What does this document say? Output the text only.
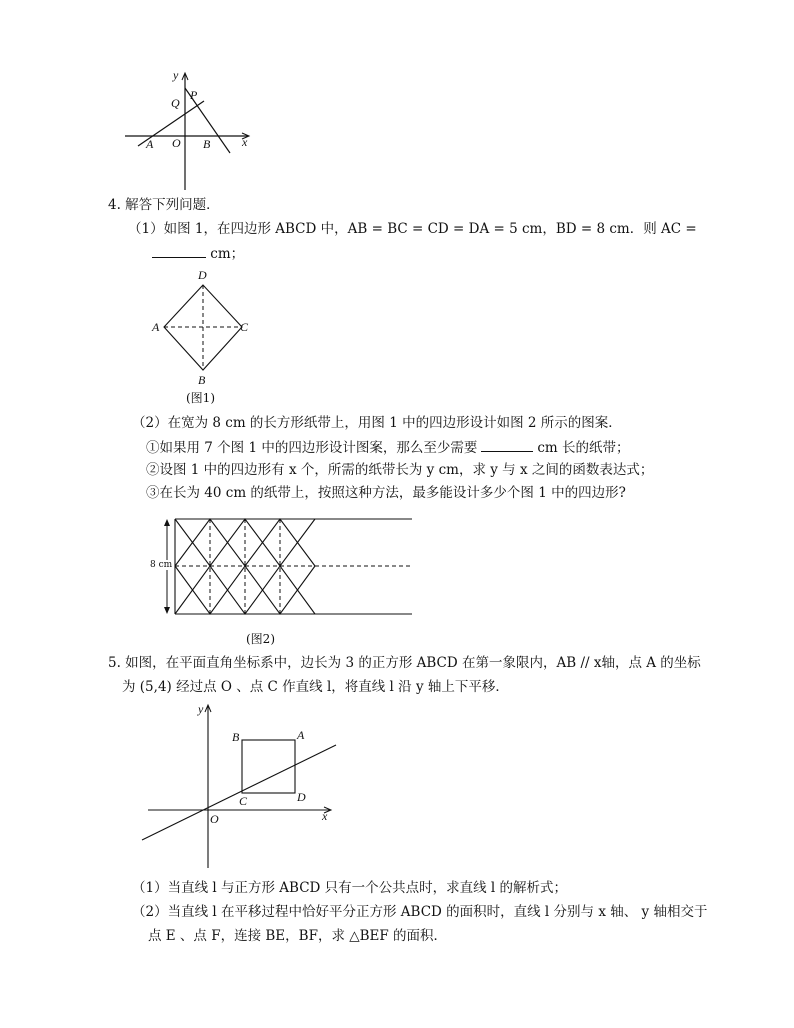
y
Q
P
A O B	x
4. 解答下列问题．
（1）如图 1，在四边形 ABCD 中，AB = BC = CD = DA = 5 cm，BD = 8 cm．则 AC =
cm；
D
A	C
B
(图1)
（2）在宽为 8 cm 的长方形纸带上，用图 1 中的四边形设计如图 2 所示的图案．
①如果用 7 个图 1 中的四边形设计图案，那么至少需要	cm 长的纸带；
②设图 1 中的四边形有 x 个，所需的纸带长为 y cm，求 y 与 x 之间的函数表达式；
③在长为 40 cm 的纸带上，按照这种方法，最多能设计多少个图 1 中的四边形?
8 cm
(图2)
5. 如图，在平面直角坐标系中，边长为 3 的正方形 ABCD 在第一象限内，AB // x轴，点 A 的坐标
为 (5,4) 经过点 O 、点 C 作直线 l，将直线 l 沿 y 轴上下平移．
y
B	A
C	D
O	x
（1）当直线 l 与正方形 ABCD 只有一个公共点时，求直线 l 的解析式；
（2）当直线 l 在平移过程中恰好平分正方形 ABCD 的面积时，直线 l 分别与 x 轴、 y 轴相交于
点 E 、点 F，连接 BE，BF，求 △BEF 的面积．
